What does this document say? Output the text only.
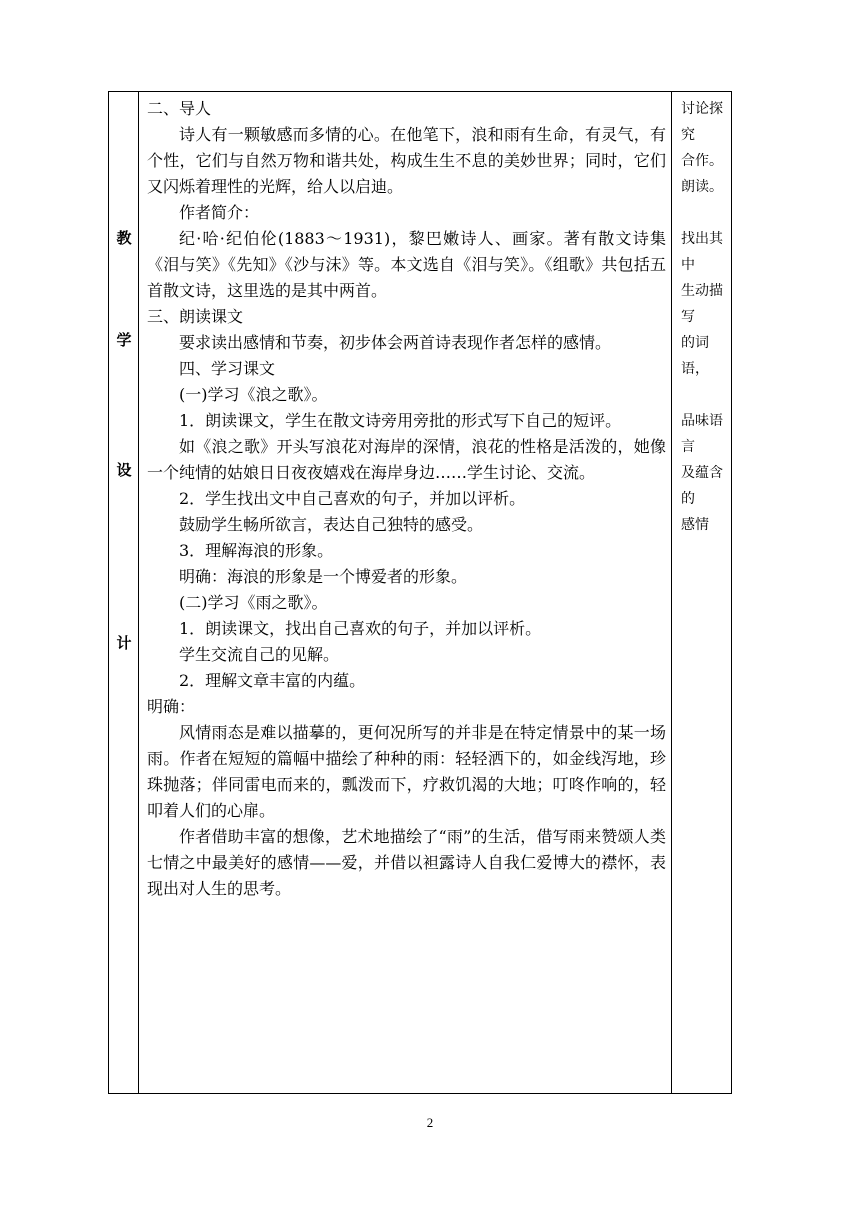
教
学
设
计

二、导人

诗人有一颗敏感而多情的心。在他笔下，浪和雨有生命，有灵气，有个性，它们与自然万物和谐共处，构成生生不息的美妙世界；同时，它们又闪烁着理性的光辉，给人以启迪。

作者简介：

纪·哈·纪伯伦(1883～1931)，黎巴嫩诗人、画家。著有散文诗集《泪与笑》《先知》《沙与沫》等。本文选自《泪与笑》。《组歌》共包括五首散文诗，这里选的是其中两首。

三、朗读课文

要求读出感情和节奏，初步体会两首诗表现作者怎样的感情。

四、学习课文

(一)学习《浪之歌》。

1．朗读课文，学生在散文诗旁用旁批的形式写下自己的短评。

如《浪之歌》开头写浪花对海岸的深情，浪花的性格是活泼的，她像一个纯情的姑娘日日夜夜嬉戏在海岸身边……学生讨论、交流。

2．学生找出文中自己喜欢的句子，并加以评析。

鼓励学生畅所欲言，表达自己独特的感受。

3．理解海浪的形象。

明确：海浪的形象是一个博爱者的形象。

(二)学习《雨之歌》。

1．朗读课文，找出自己喜欢的句子，并加以评析。

学生交流自己的见解。

2．理解文章丰富的内蕴。

明确：

风情雨态是难以描摹的，更何况所写的并非是在特定情景中的某一场雨。作者在短短的篇幅中描绘了种种的雨：轻轻洒下的，如金线泻地，珍珠抛落；伴同雷电而来的，瓢泼而下，疗救饥渴的大地；叮咚作响的，轻叩着人们的心扉。

作者借助丰富的想像，艺术地描绘了“雨”的生活，借写雨来赞颂人类七情之中最美好的感情——爱，并借以袒露诗人自我仁爱博大的襟怀，表现出对人生的思考。

讨论探究

合作。

朗读。

找出其中

生动描写

的词语，

品味语言

及蕴含的

感情

2
